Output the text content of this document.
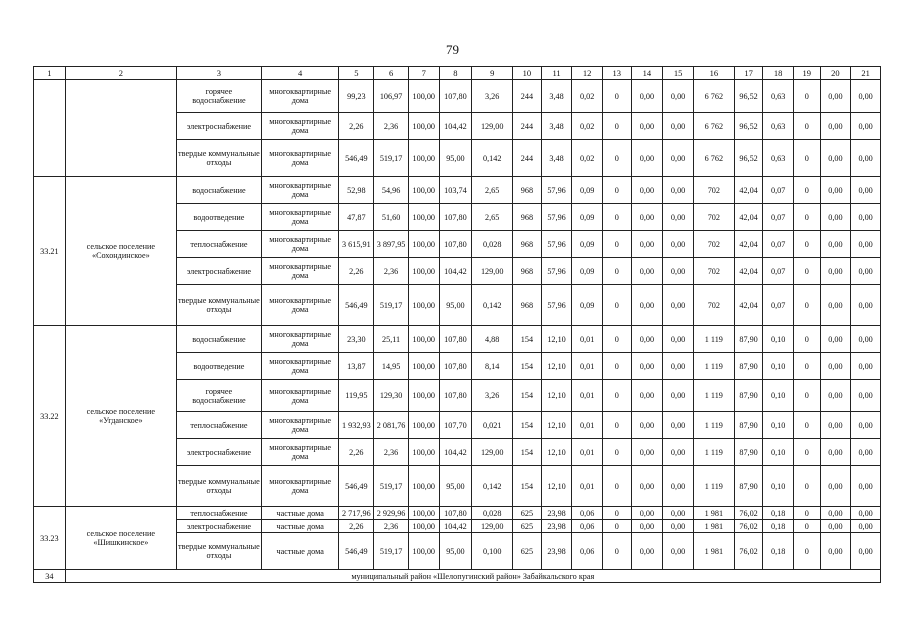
79
1	2	3	4	5	6	7	8	9	10	11	12	13	14	15	16	17	18	19	20	21
		горячее водоснабжение	многоквартирные дома	99,23	106,97	100,00	107,80	3,26	244	3,48	0,02	0	0,00	0,00	6 762	96,52	0,63	0	0,00	0,00
		электроснабжение	многоквартирные дома	2,26	2,36	100,00	104,42	129,00	244	3,48	0,02	0	0,00	0,00	6 762	96,52	0,63	0	0,00	0,00
		твердые коммунальные отходы	многоквартирные дома	546,49	519,17	100,00	95,00	0,142	244	3,48	0,02	0	0,00	0,00	6 762	96,52	0,63	0	0,00	0,00
33.21	сельское поселение «Сохондинское»	водоснабжение	многоквартирные дома	52,98	54,96	100,00	103,74	2,65	968	57,96	0,09	0	0,00	0,00	702	42,04	0,07	0	0,00	0,00
		водоотведение	многоквартирные дома	47,87	51,60	100,00	107,80	2,65	968	57,96	0,09	0	0,00	0,00	702	42,04	0,07	0	0,00	0,00
		теплоснабжение	многоквартирные дома	3 615,91	3 897,95	100,00	107,80	0,028	968	57,96	0,09	0	0,00	0,00	702	42,04	0,07	0	0,00	0,00
		электроснабжение	многоквартирные дома	2,26	2,36	100,00	104,42	129,00	968	57,96	0,09	0	0,00	0,00	702	42,04	0,07	0	0,00	0,00
		твердые коммунальные отходы	многоквартирные дома	546,49	519,17	100,00	95,00	0,142	968	57,96	0,09	0	0,00	0,00	702	42,04	0,07	0	0,00	0,00
33.22	сельское поселение «Угданское»	водоснабжение	многоквартирные дома	23,30	25,11	100,00	107,80	4,88	154	12,10	0,01	0	0,00	0,00	1 119	87,90	0,10	0	0,00	0,00
		водоотведение	многоквартирные дома	13,87	14,95	100,00	107,80	8,14	154	12,10	0,01	0	0,00	0,00	1 119	87,90	0,10	0	0,00	0,00
		горячее водоснабжение	многоквартирные дома	119,95	129,30	100,00	107,80	3,26	154	12,10	0,01	0	0,00	0,00	1 119	87,90	0,10	0	0,00	0,00
		теплоснабжение	многоквартирные дома	1 932,93	2 081,76	100,00	107,70	0,021	154	12,10	0,01	0	0,00	0,00	1 119	87,90	0,10	0	0,00	0,00
		электроснабжение	многоквартирные дома	2,26	2,36	100,00	104,42	129,00	154	12,10	0,01	0	0,00	0,00	1 119	87,90	0,10	0	0,00	0,00
		твердые коммунальные отходы	многоквартирные дома	546,49	519,17	100,00	95,00	0,142	154	12,10	0,01	0	0,00	0,00	1 119	87,90	0,10	0	0,00	0,00
33.23	сельское поселение «Шишкинское»	теплоснабжение	частные дома	2 717,96	2 929,96	100,00	107,80	0,028	625	23,98	0,06	0	0,00	0,00	1 981	76,02	0,18	0	0,00	0,00
		электроснабжение	частные дома	2,26	2,36	100,00	104,42	129,00	625	23,98	0,06	0	0,00	0,00	1 981	76,02	0,18	0	0,00	0,00
		твердые коммунальные отходы	частные дома	546,49	519,17	100,00	95,00	0,100	625	23,98	0,06	0	0,00	0,00	1 981	76,02	0,18	0	0,00	0,00
34	муниципальный район «Шелопугинский район» Забайкальского края																			
